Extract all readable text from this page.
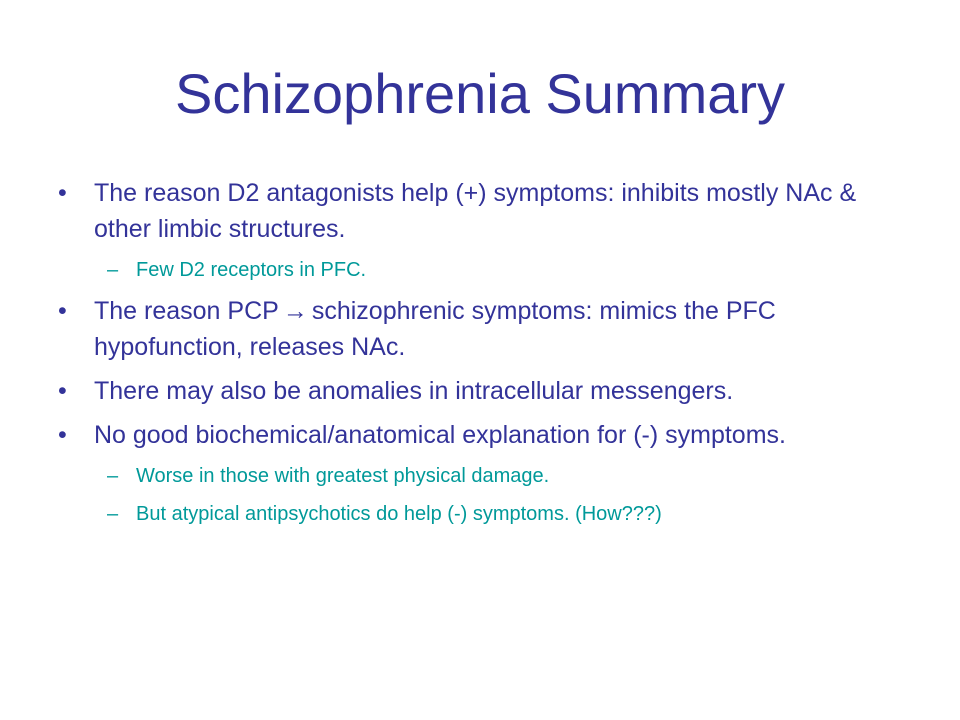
Schizophrenia Summary
•	The reason D2 antagonists help (+) symptoms: inhibits mostly NAc & other limbic structures.
– Few D2 receptors in PFC.
•	The reason PCP → schizophrenic symptoms: mimics the PFC hypofunction, releases NAc.
•	There may also be anomalies in intracellular messengers.
•	No good biochemical/anatomical explanation for (-) symptoms.
– Worse in those with greatest physical damage.
– But atypical antipsychotics do help (-) symptoms. (How???)
